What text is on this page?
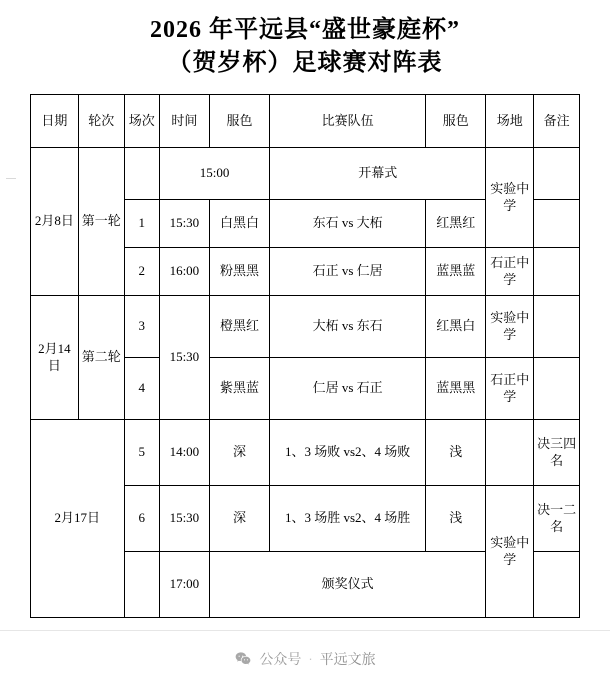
2026 年平远县“盛世豪庭杯”
（贺岁杯）足球赛对阵表
日期	轮次	场次	时间	服色	比赛队伍	服色	场地	备注
2月8日	第一轮		15:00		开幕式		实验中学	
		1	15:30	白黑白	东石 vs 大柘	红黑红		
		2	16:00	粉黑黑	石正 vs 仁居	蓝黑蓝	石正中学	
2月14日	第二轮	3	15:30	橙黑红	大柘 vs 东石	红黑白	实验中学	
		4		紫黑蓝	仁居 vs 石正	蓝黑黑	石正中学	
2月17日		5	14:00	深	1、3 场败 vs2、4 场败	浅		决三四名
		6	15:30	深	1、3 场胜 vs2、4 场胜	浅	实验中学	决一二名
			17:00	颁奖仪式				
公众号 · 平远文旅
